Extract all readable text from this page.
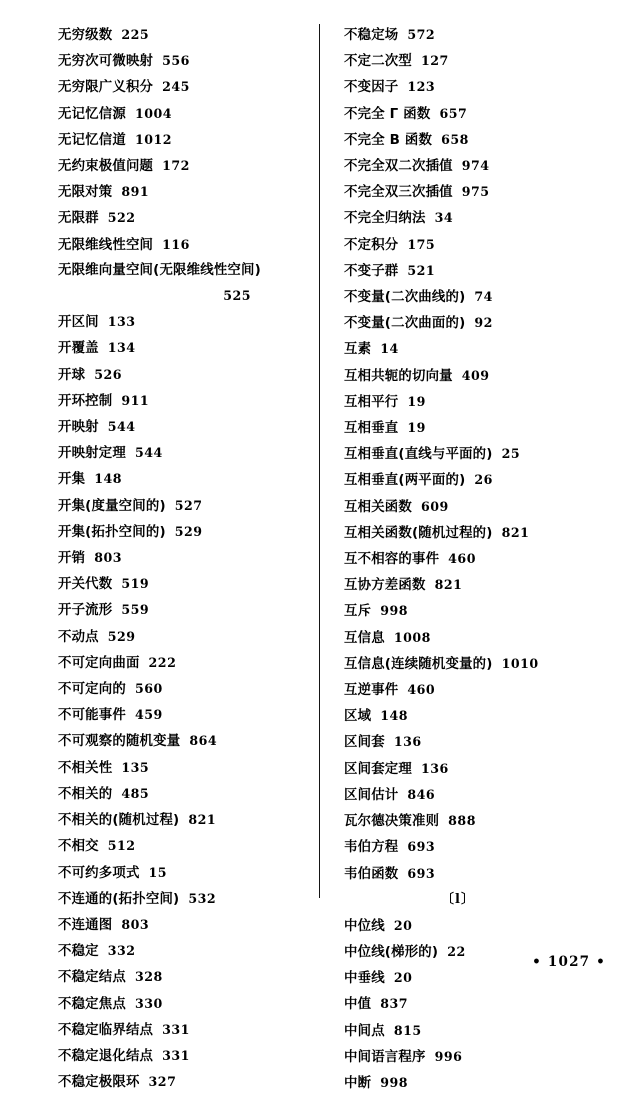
无穷级数 225
无穷次可微映射 556
无穷限广义积分 245
无记忆信源 1004
无记忆信道 1012
无约束极值问题 172
无限对策 891
无限群 522
无限维线性空间 116
无限维向量空间(无限维线性空间)
525
开区间 133
开覆盖 134
开球 526
开环控制 911
开映射 544
开映射定理 544
开集 148
开集(度量空间的) 527
开集(拓扑空间的) 529
开销 803
开关代数 519
开子流形 559
不动点 529
不可定向曲面 222
不可定向的 560
不可能事件 459
不可观察的随机变量 864
不相关性 135
不相关的 485
不相关的(随机过程) 821
不相交 512
不可约多项式 15
不连通的(拓扑空间) 532
不连通图 803
不稳定 332
不稳定结点 328
不稳定焦点 330
不稳定临界结点 331
不稳定退化结点 331
不稳定极限环 327
不稳定场 572
不定二次型 127
不变因子 123
不完全 Γ 函数 657
不完全 B 函数 658
不完全双二次插值 974
不完全双三次插值 975
不完全归纳法 34
不定积分 175
不变子群 521
不变量(二次曲线的) 74
不变量(二次曲面的) 92
互素 14
互相共轭的切向量 409
互相平行 19
互相垂直 19
互相垂直(直线与平面的) 25
互相垂直(两平面的) 26
互相关函数 609
互相关函数(随机过程的) 821
互不相容的事件 460
互协方差函数 821
互斥 998
互信息 1008
互信息(连续随机变量的) 1010
互逆事件 460
区域 148
区间套 136
区间套定理 136
区间估计 846
瓦尔德决策准则 888
韦伯方程 693
韦伯函数 693
〔l〕
中位线 20
中位线(梯形的) 22
中垂线 20
中值 837
中间点 815
中间语言程序 996
中断 998
• 1027 •
